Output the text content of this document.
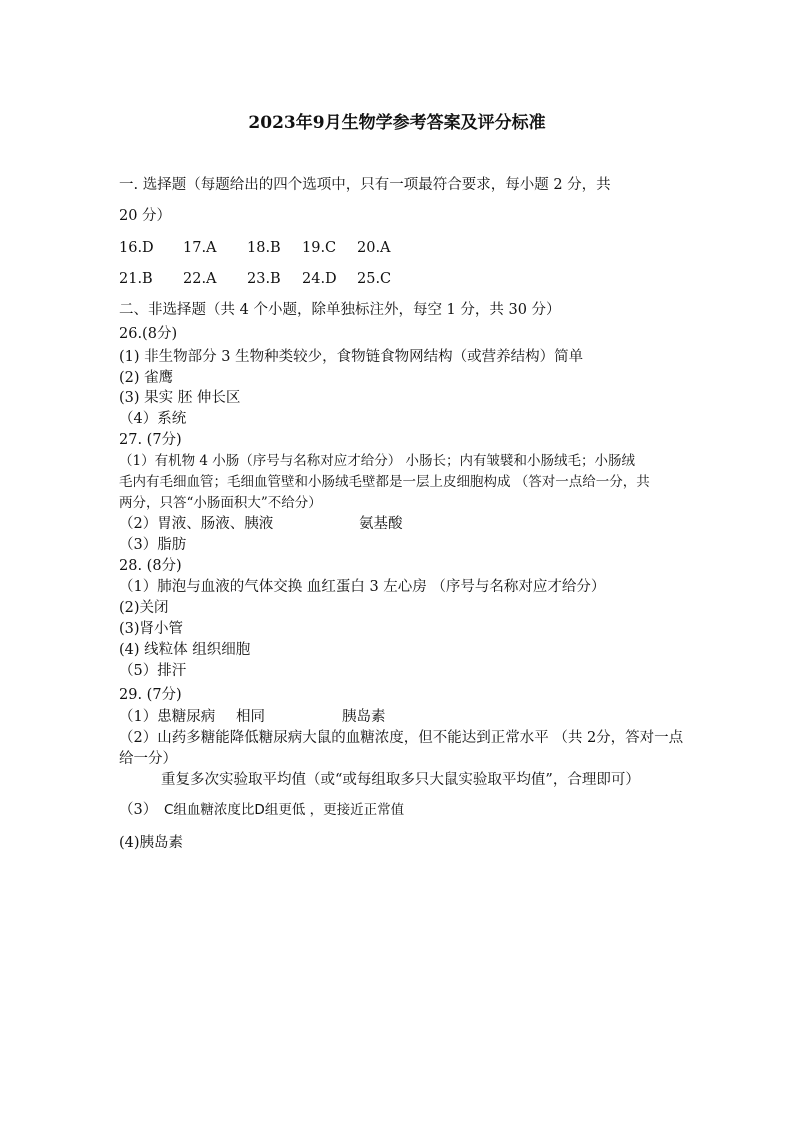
2023年9月生物学参考答案及评分标准
一. 选择题（每题给出的四个选项中，只有一项最符合要求，每小题 2 分，共
20 分）
16.D 17.A 18.B 19.C 20.A
21.B 22.A 23.B 24.D 25.C
二、非选择题（共 4 个小题，除单独标注外，每空 1 分，共 30 分）
26.(8分)
(1) 非生物部分 3 生物种类较少，食物链食物网结构（或营养结构）简单
(2) 雀鹰
(3) 果实 胚 伸长区
（4）系统
27. (7分)
（1）有机物 4 小肠（序号与名称对应才给分） 小肠长；内有皱襞和小肠绒毛；小肠绒
毛内有毛细血管；毛细血管壁和小肠绒毛壁都是一层上皮细胞构成 （答对一点给一分，共
两分，只答“小肠面积大”不给分）
（2）胃液、肠液、胰液	氨基酸
（3）脂肪
28. (8分)
（1）肺泡与血液的气体交换 血红蛋白 3 左心房 （序号与名称对应才给分）
(2)关闭
(3)肾小管
(4) 线粒体 组织细胞
（5）排汗
29. (7分)
（1）患糖尿病 相同	胰岛素
（2）山药多糖能降低糖尿病大鼠的血糖浓度，但不能达到正常水平 （共 2分，答对一点
给一分）
重复多次实验取平均值（或“或每组取多只大鼠实验取平均值”，合理即可）
（3） C组血糖浓度比D组更低 ，更接近正常值
(4)胰岛素
